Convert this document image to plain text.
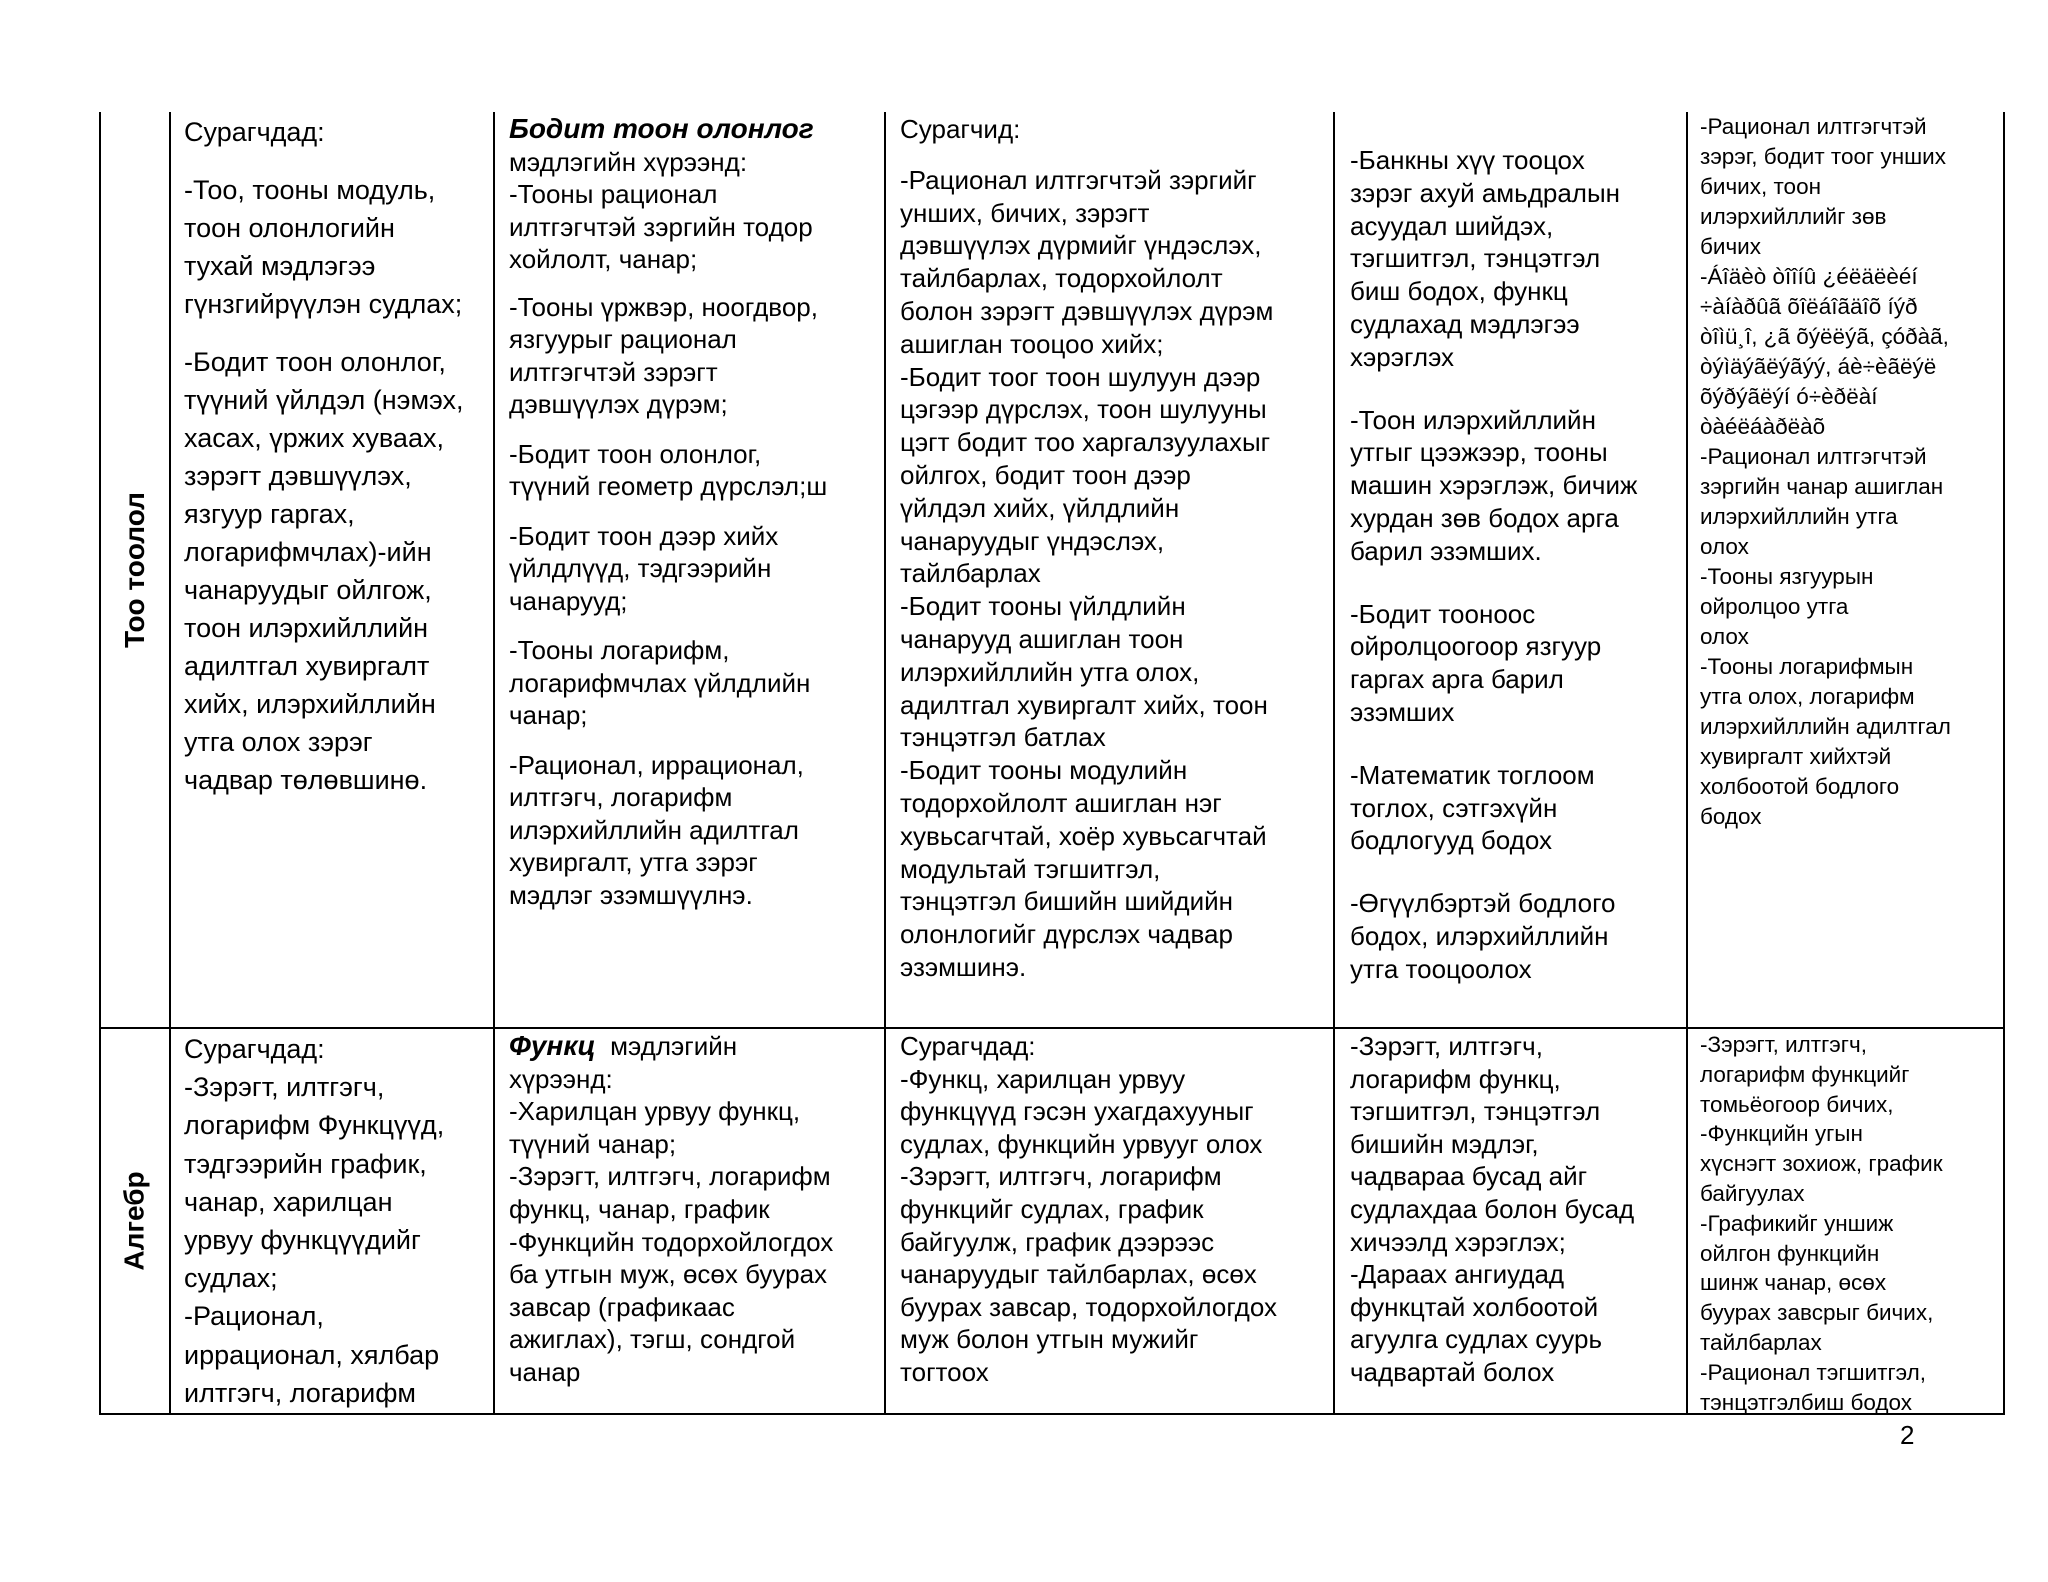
Тоо тоолол

Сурагчдад:

-Тоо, тооны модуль,
тоон олонлогийн
тухай мэдлэгээ
гүнзгийрүүлэн судлах;

-Бодит тоон олонлог,
түүний үйлдэл (нэмэх,
хасах, үржих хуваах,
зэрэгт дэвшүүлэх,
язгуур гаргах,
логарифмчлах)-ийн
чанаруудыг ойлгож,
тоон илэрхийллийн
адилтгал хувиргалт
хийх, илэрхийллийн
утга олох зэрэг
чадвар төлөвшинө.

Бодит тоон олонлог

мэдлэгийн хүрээнд:
-Тооны рационал
илтгэгчтэй зэргийн тодор
хойлолт, чанар;

-Тооны үржвэр, ноогдвор,
язгуурыг рационал
илтгэгчтэй зэрэгт
дэвшүүлэх дүрэм;

-Бодит тоон олонлог,
түүний геометр дүрслэл;ш

-Бодит тоон дээр хийх
үйлдлүүд, тэдгээрийн
чанарууд;

-Тооны логарифм,
логарифмчлах үйлдлийн
чанар;

-Рационал, иррационал,
илтгэгч, логарифм
илэрхийллийн адилтгал
хувиргалт, утга зэрэг
мэдлэг эзэмшүүлнэ.

Сурагчид:

-Рационал илтгэгчтэй зэргийг
унших, бичих, зэрэгт
дэвшүүлэх дүрмийг үндэслэх,
тайлбарлах, тодорхойлолт
болон зэрэгт дэвшүүлэх дүрэм
ашиглан тооцоо хийх;
-Бодит тоог тоон шулуун дээр
цэгээр дүрслэх, тоон шулууны
цэгт бодит тоо харгалзуулахыг
ойлгох, бодит тоон дээр
үйлдэл хийх, үйлдлийн
чанаруудыг үндэслэх,
тайлбарлах
-Бодит тооны үйлдлийн
чанарууд ашиглан тоон
илэрхийллийн утга олох,
адилтгал хувиргалт хийх, тоон
тэнцэтгэл батлах
-Бодит тооны модулийн
тодорхойлолт ашиглан нэг
хувьсагчтай, хоёр хувьсагчтай
модультай тэгшитгэл,
тэнцэтгэл бишийн шийдийн
олонлогийг дүрслэх чадвар
эзэмшинэ.

-Банкны хүү тооцох
зэрэг ахуй амьдралын
асуудал шийдэх,
тэгшитгэл, тэнцэтгэл
биш бодох, функц
судлахад мэдлэгээ
хэрэглэх

-Тоон илэрхийллийн
утгыг цээжээр, тооны
машин хэрэглэж, бичиж
хурдан зөв бодох арга
барил эзэмших.

-Бодит тооноос
ойролцоогоор язгуур
гаргах арга барил
эзэмших

-Математик тоглоом
тоглох, сэтгэхүйн
бодлогууд бодох

-Өгүүлбэртэй бодлого
бодох, илэрхийллийн
утга тооцоолох

-Рационал илтгэгчтэй
зэрэг, бодит тоог унших
бичих, тоон
илэрхийллийг зөв
бичих
-Áîäèò òîîíû ¿éëäëèéí
÷àíàðûã õîëáîãäîõ íýð
òîìü¸î, ¿ã õýëëýã, çóðàã,
òýìäýãëýãýý, áè÷èãëýë
õýðýãëýí ó÷èðëàí
òàéëáàðëàõ
-Рационал илтгэгчтэй
зэргийн чанар ашиглан
илэрхийллийн утга
олох
-Тооны язгуурын
ойролцоо утга
олох
-Тооны логарифмын
утга олох, логарифм
илэрхийллийн адилтгал
хувиргалт хийхтэй
холбоотой бодлого
бодох

Алгебр

Сурагчдад:
-Зэрэгт, илтгэгч,
логарифм Функцүүд,
тэдгээрийн график,
чанар, харилцан
урвуу функцүүдийг
судлах;
-Рационал,
иррационал, хялбар
илтгэгч, логарифм

Функц  мэдлэгийн

хүрээнд:
-Харилцан урвуу функц,
түүний чанар;
-Зэрэгт, илтгэгч, логарифм
функц, чанар, график
-Функцийн тодорхойлогдох
ба утгын муж, өсөх буурах
завсар (графикаас
ажиглах), тэгш, сондгой
чанар

Сурагчдад:
-Функц, харилцан урвуу
функцүүд гэсэн ухагдахууныг
судлах, функцийн урвууг олох
-Зэрэгт, илтгэгч, логарифм
функцийг судлах, график
байгуулж, график дээрээс
чанаруудыг тайлбарлах, өсөх
буурах завсар, тодорхойлогдох
муж болон утгын мужийг
тогтоох

-Зэрэгт, илтгэгч,
логарифм функц,
тэгшитгэл, тэнцэтгэл
бишийн мэдлэг,
чадвараа бусад айг
судлахдаа болон бусад
хичээлд хэрэглэх;
-Дараах ангиудад
функцтай холбоотой
агуулга судлах суурь
чадвартай болох

-Зэрэгт, илтгэгч,
логарифм функцийг
томьёогоор бичих,
-Функцийн угын
хүснэгт зохиож, график
байгуулах
-Графикийг уншиж
ойлгон функцийн
шинж чанар, өсөх
буурах завсрыг бичих,
тайлбарлах
-Рационал тэгшитгэл,
тэнцэтгэлбиш бодох

2
